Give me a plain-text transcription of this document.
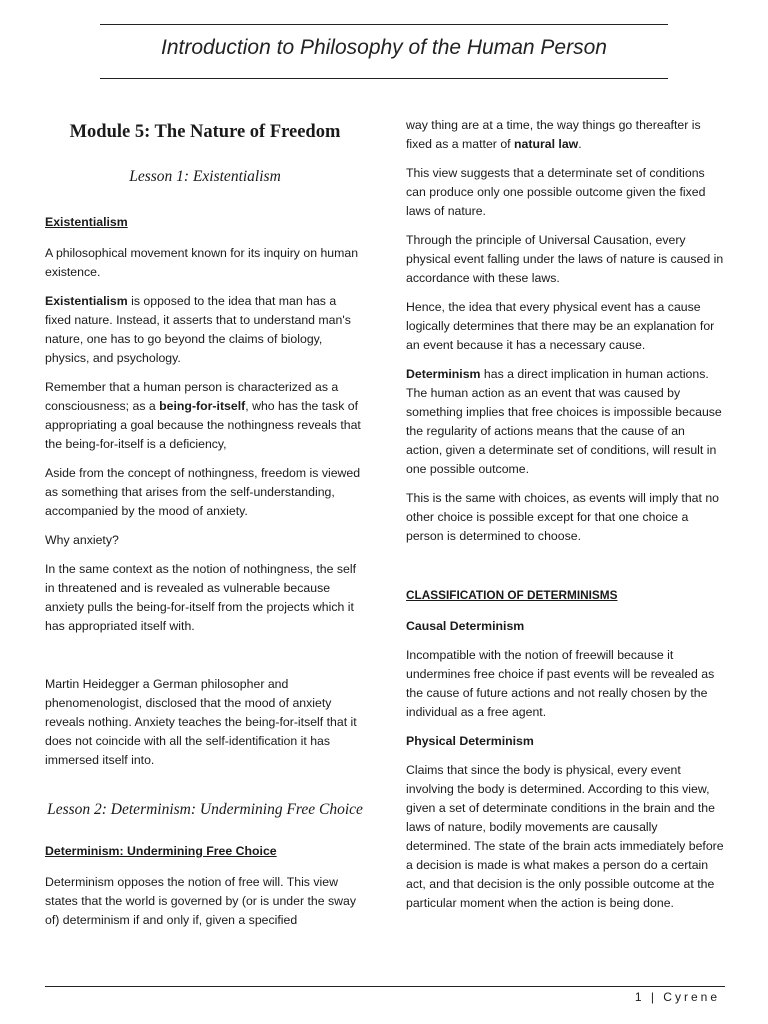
Introduction to Philosophy of the Human Person
Module 5: The Nature of Freedom
Lesson 1: Existentialism
Existentialism

A philosophical movement known for its inquiry on human existence.

Existentialism is opposed to the idea that man has a fixed nature. Instead, it asserts that to understand man's nature, one has to go beyond the claims of biology, physics, and psychology.

Remember that a human person is characterized as a consciousness; as a being-for-itself, who has the task of appropriating a goal because the nothingness reveals that the being-for-itself is a deficiency,

Aside from the concept of nothingness, freedom is viewed as something that arises from the self-understanding, accompanied by the mood of anxiety.

Why anxiety?

In the same context as the notion of nothingness, the self in threatened and is revealed as vulnerable because anxiety pulls the being-for-itself from the projects which it has appropriated itself with.

Martin Heidegger a German philosopher and phenomenologist, disclosed that the mood of anxiety reveals nothing. Anxiety teaches the being-for-itself that it does not coincide with all the self-identification it has immersed itself into.

Lesson 2: Determinism: Undermining Free Choice
Determinism: Undermining Free Choice

Determinism opposes the notion of free will. This view states that the world is governed by (or is under the sway of) determinism if and only if, given a specified

way thing are at a time, the way things go thereafter is fixed as a matter of natural law.

This view suggests that a determinate set of conditions can produce only one possible outcome given the fixed laws of nature.

Through the principle of Universal Causation, every physical event falling under the laws of nature is caused in accordance with these laws.

Hence, the idea that every physical event has a cause logically determines that there may be an explanation for an event because it has a necessary cause.

Determinism has a direct implication in human actions. The human action as an event that was caused by something implies that free choices is impossible because the regularity of actions means that the cause of an action, given a determinate set of conditions, will result in one possible outcome.

This is the same with choices, as events will imply that no other choice is possible except for that one choice a person is determined to choose.

CLASSIFICATION OF DETERMINISMS
Causal Determinism

Incompatible with the notion of freewill because it undermines free choice if past events will be revealed as the cause of future actions and not really chosen by the individual as a free agent.

Physical Determinism

Claims that since the body is physical, every event involving the body is determined. According to this view, given a set of determinate conditions in the brain and the laws of nature, bodily movements are causally determined. The state of the brain acts immediately before a decision is made is what makes a person do a certain act, and that decision is the only possible outcome at the particular moment when the action is being done.

1 | Cyrene
